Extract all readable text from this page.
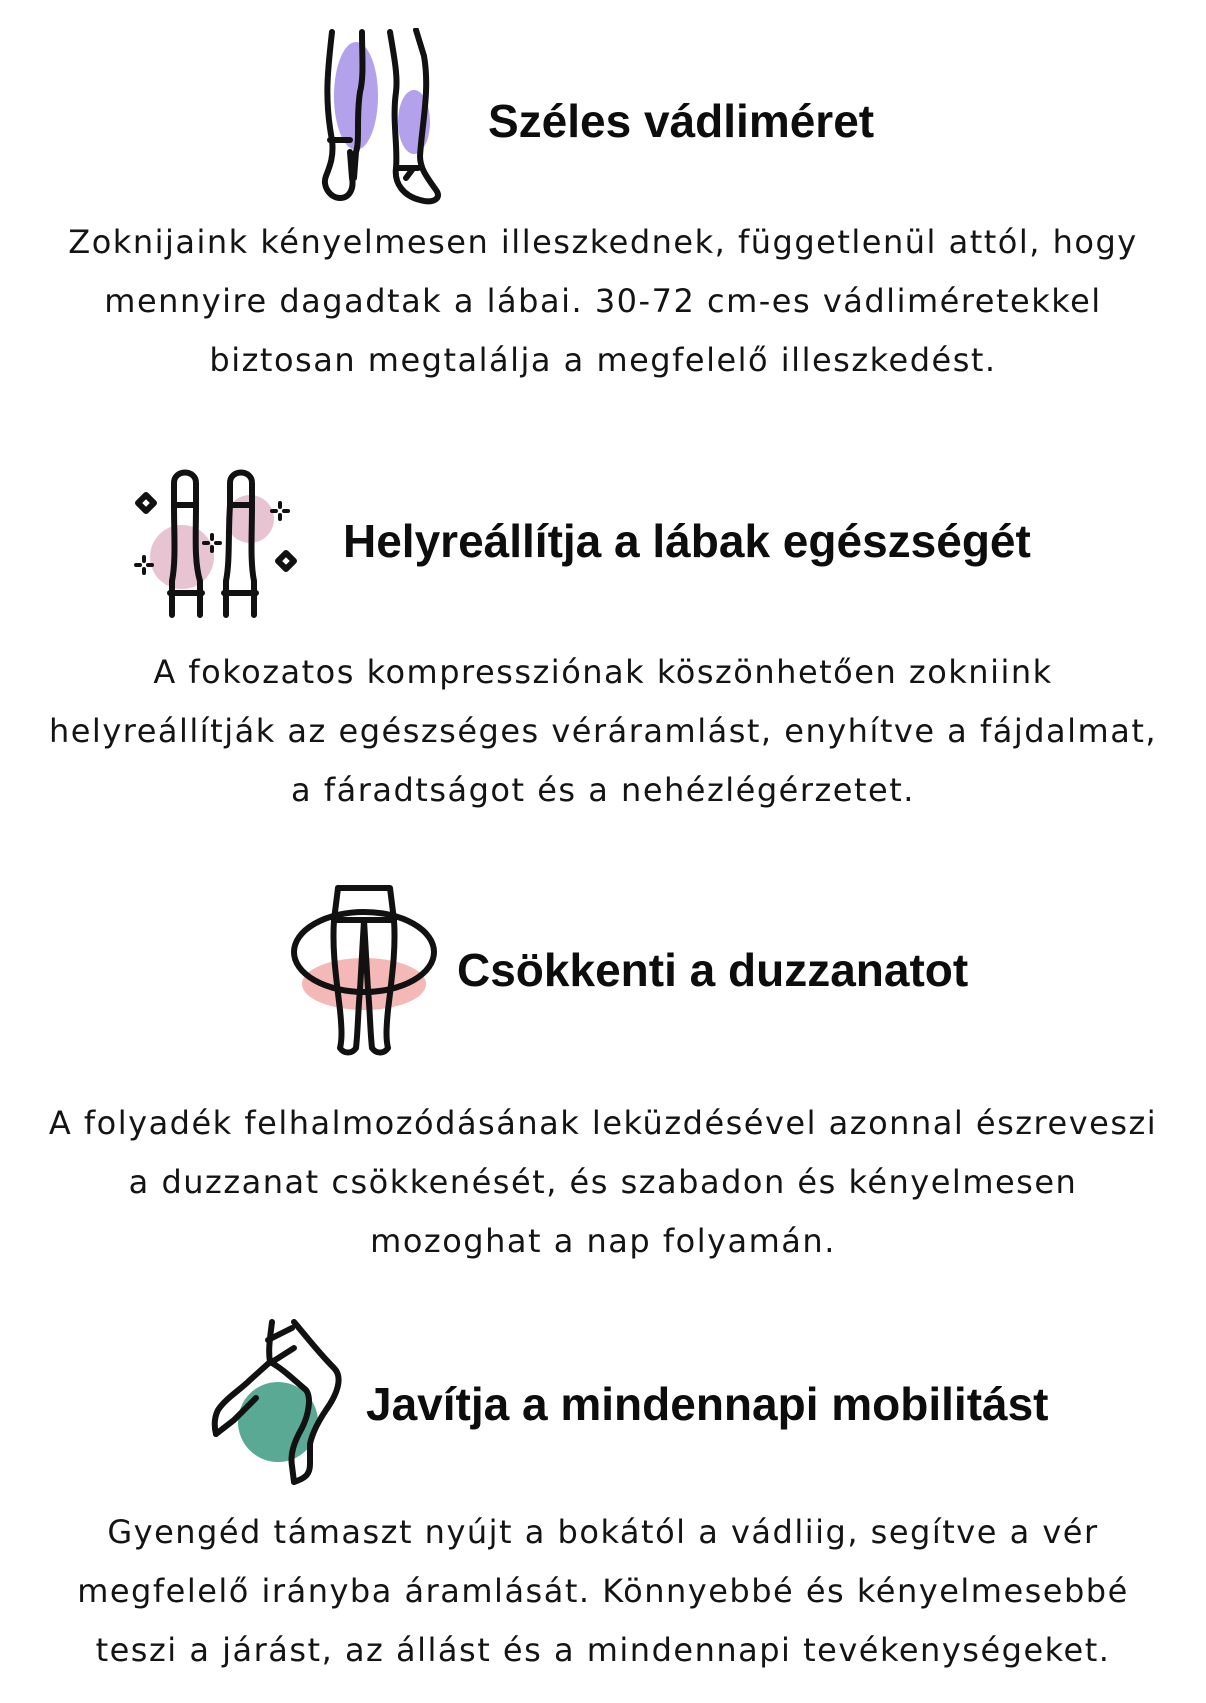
Széles vádliméret

Zoknijaink kényelmesen illeszkednek, függetlenül attól, hogy mennyire dagadtak a lábai. 30-72 cm-es vádliméretekkel biztosan megtalálja a megfelelő illeszkedést.

Helyreállítja a lábak egészségét

A fokozatos kompressziónak köszönhetően zokniink helyreállítják az egészséges véráramlást, enyhítve a fájdalmat, a fáradtságot és a nehézlégérzetet.

Csökkenti a duzzanatot

A folyadék felhalmozódásának leküzdésével azonnal észreveszi a duzzanat csökkenését, és szabadon és kényelmesen mozoghat a nap folyamán.

Javítja a mindennapi mobilitást

Gyengéd támaszt nyújt a bokától a vádliig, segítve a vér megfelelő irányba áramlását. Könnyebbé és kényelmesebbé teszi a járást, az állást és a mindennapi tevékenységeket.
